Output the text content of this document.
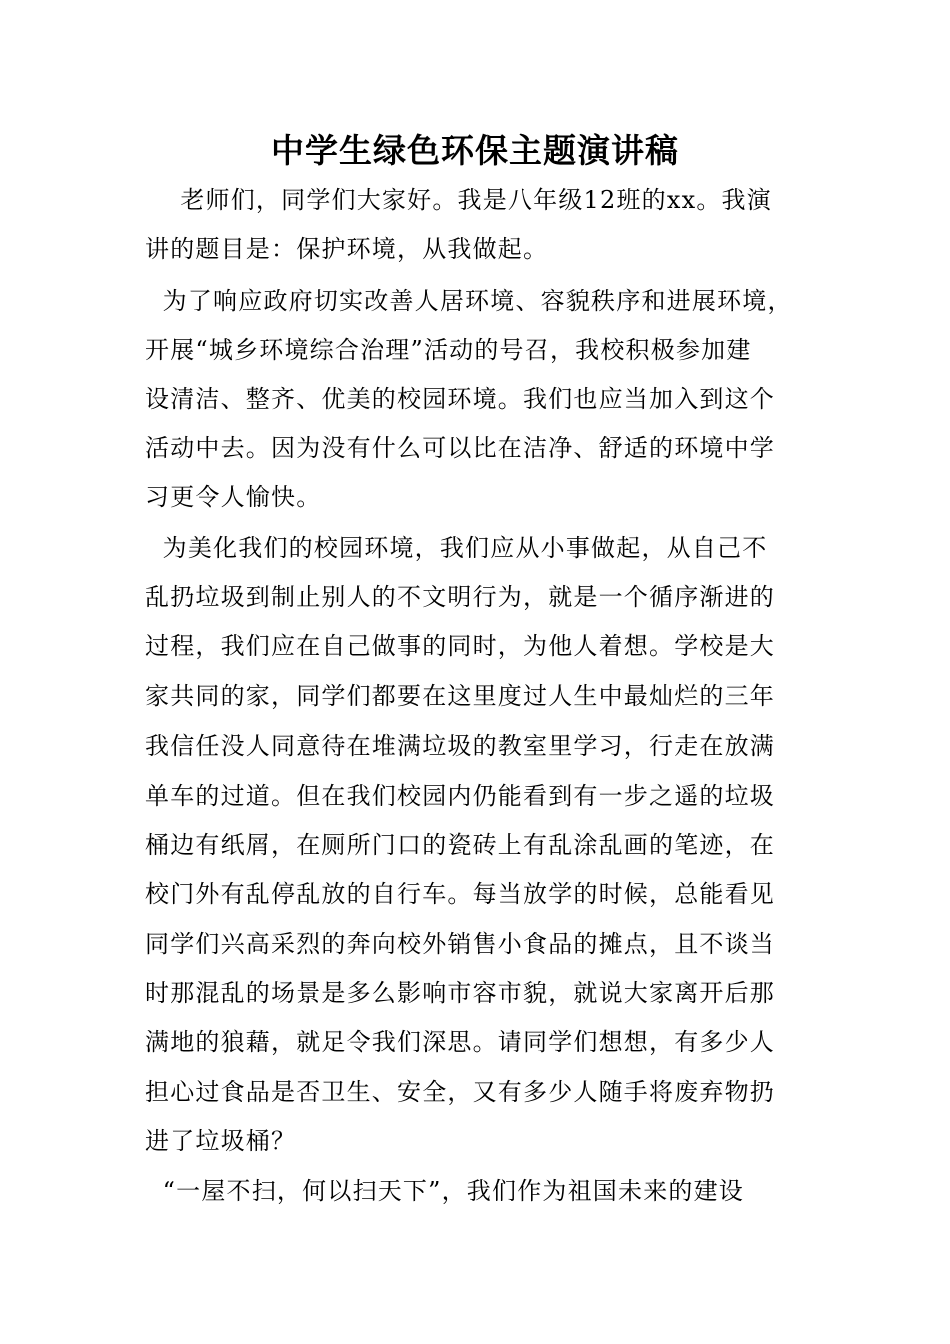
中学生绿色环保主题演讲稿
老师们，同学们大家好。我是八年级12班的xx。我演
讲的题目是：保护环境，从我做起。
为了响应政府切实改善人居环境、容貌秩序和进展环境，
开展“城乡环境综合治理”活动的号召，我校积极参加建
设清洁、整齐、优美的校园环境。我们也应当加入到这个
活动中去。因为没有什么可以比在洁净、舒适的环境中学
习更令人愉快。
为美化我们的校园环境，我们应从小事做起，从自己不
乱扔垃圾到制止别人的不文明行为，就是一个循序渐进的
过程，我们应在自己做事的同时，为他人着想。学校是大
家共同的家，同学们都要在这里度过人生中最灿烂的三年
我信任没人同意待在堆满垃圾的教室里学习，行走在放满
单车的过道。但在我们校园内仍能看到有一步之遥的垃圾
桶边有纸屑，在厕所门口的瓷砖上有乱涂乱画的笔迹，在
校门外有乱停乱放的自行车。每当放学的时候，总能看见
同学们兴高采烈的奔向校外销售小食品的摊点，且不谈当
时那混乱的场景是多么影响市容市貌，就说大家离开后那
满地的狼藉，就足令我们深思。请同学们想想，有多少人
担心过食品是否卫生、安全，又有多少人随手将废弃物扔
进了垃圾桶？
“一屋不扫，何以扫天下”，我们作为祖国未来的建设
